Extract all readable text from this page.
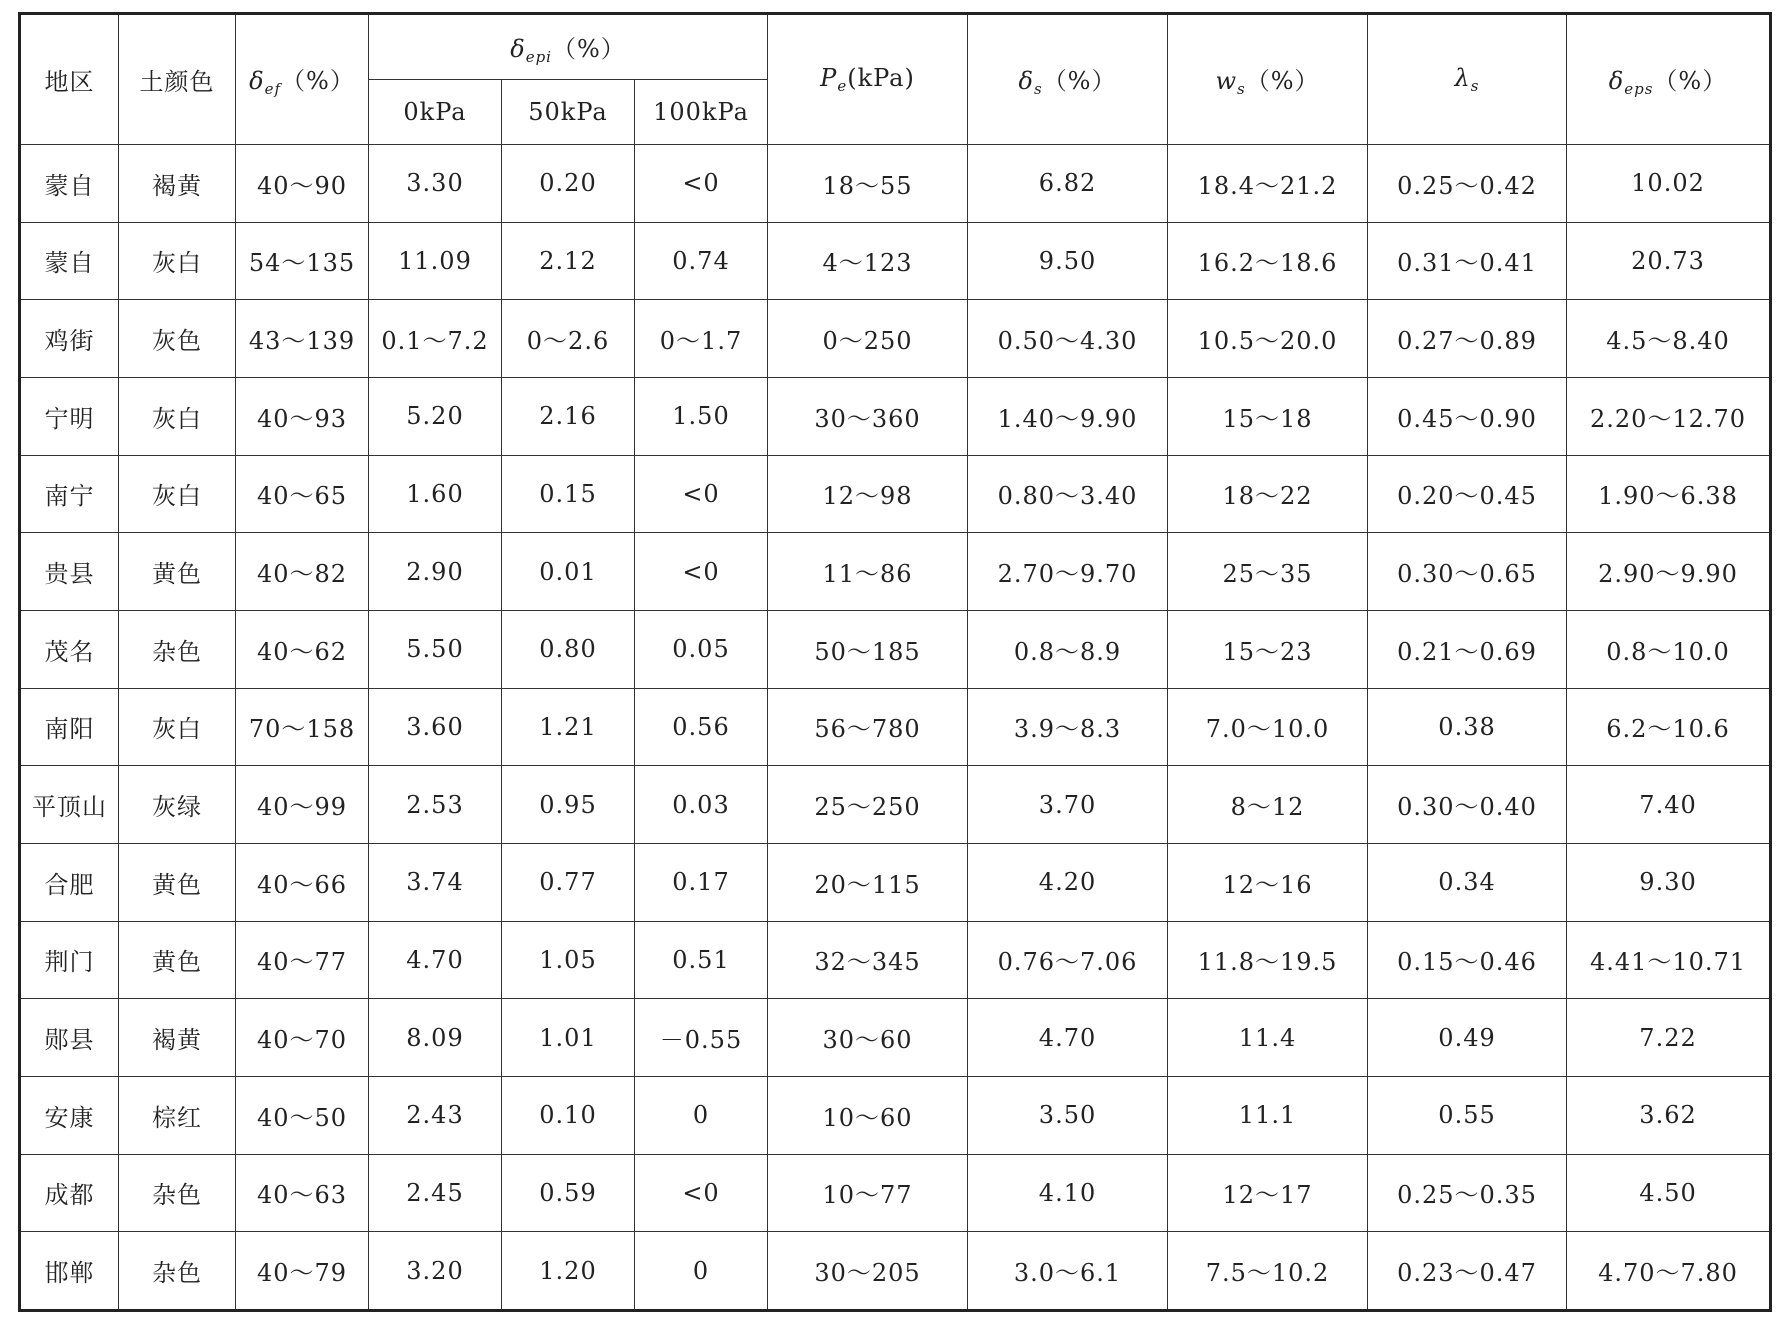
地区	土颜色	$\delta_{ef}(\%)$	$\delta_{epi}(\%)$			$P_e(kPa)$	$\delta_s(\%)$	$w_s(\%)$	$\lambda_s$	$\delta_{eps}(\%)$
			0kPa	50kPa	100kPa					
蒙自	褐黄	40～90	3.30	0.20	<0	18～55	6.82	18.4～21.2	0.25～0.42	10.02
蒙自	灰白	54～135	11.09	2.12	0.74	4～123	9.50	16.2～18.6	0.31～0.41	20.73
鸡街	灰色	43～139	0.1～7.2	0～2.6	0～1.7	0～250	0.50～4.30	10.5～20.0	0.27～0.89	4.5～8.40
宁明	灰白	40～93	5.20	2.16	1.50	30～360	1.40～9.90	15～18	0.45～0.90	2.20～12.70
南宁	灰白	40～65	1.60	0.15	<0	12～98	0.80～3.40	18～22	0.20～0.45	1.90～6.38
贵县	黄色	40～82	2.90	0.01	<0	11～86	2.70～9.70	25～35	0.30～0.65	2.90～9.90
茂名	杂色	40～62	5.50	0.80	0.05	50～185	0.8～8.9	15～23	0.21～0.69	0.8～10.0
南阳	灰白	70～158	3.60	1.21	0.56	56～780	3.9～8.3	7.0～10.0	0.38	6.2～10.6
平顶山	灰绿	40～99	2.53	0.95	0.03	25～250	3.70	8～12	0.30～0.40	7.40
合肥	黄色	40～66	3.74	0.77	0.17	20～115	4.20	12～16	0.34	9.30
荆门	黄色	40～77	4.70	1.05	0.51	32～345	0.76～7.06	11.8～19.5	0.15～0.46	4.41～10.71
郧县	褐黄	40～70	8.09	1.01	－0.55	30～60	4.70	11.4	0.49	7.22
安康	棕红	40～50	2.43	0.10	0	10～60	3.50	11.1	0.55	3.62
成都	杂色	40～63	2.45	0.59	<0	10～77	4.10	12～17	0.25～0.35	4.50
邯郸	杂色	40～79	3.20	1.20	0	30～205	3.0～6.1	7.5～10.2	0.23～0.47	4.70～7.80
